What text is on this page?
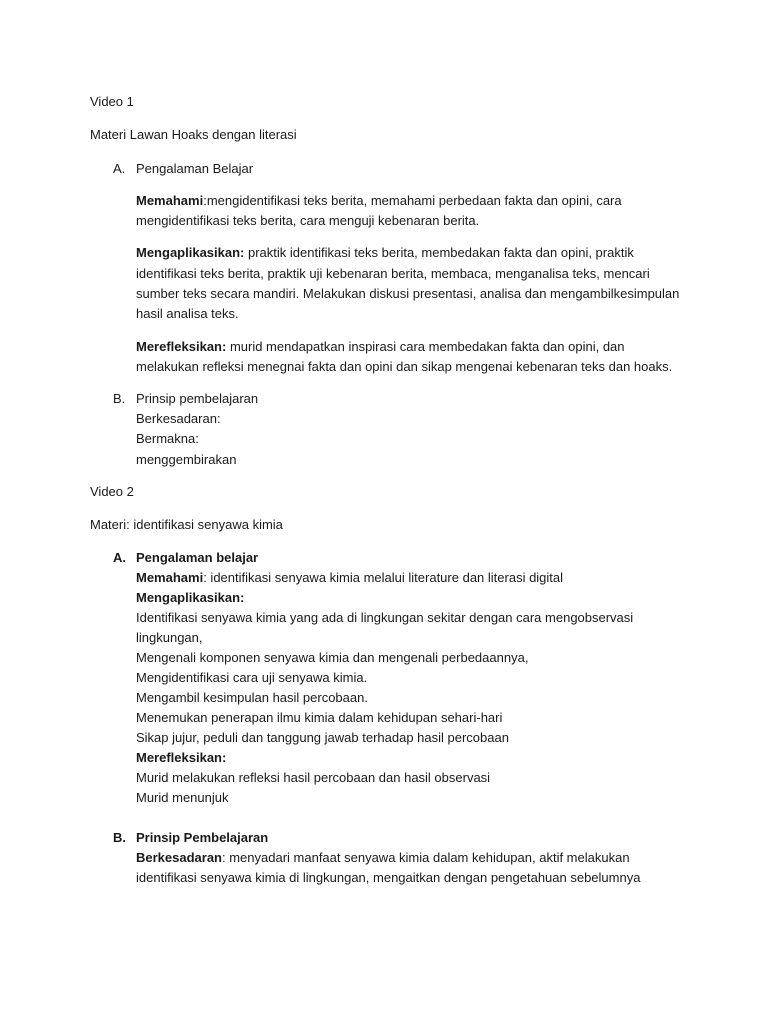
Video 1
Materi Lawan Hoaks dengan literasi
A. Pengalaman Belajar
Memahami:mengidentifikasi teks berita, memahami perbedaan fakta dan opini, cara
mengidentifikasi teks berita, cara menguji kebenaran berita.
Mengaplikasikan: praktik identifikasi teks berita, membedakan fakta dan opini, praktik
identifikasi teks berita, praktik uji kebenaran berita, membaca, menganalisa teks, mencari
sumber teks secara mandiri. Melakukan diskusi presentasi, analisa dan mengambilkesimpulan
hasil analisa teks.
Merefleksikan: murid mendapatkan inspirasi cara membedakan fakta dan opini, dan
melakukan refleksi menegnai fakta dan opini dan sikap mengenai kebenaran teks dan hoaks.
B. Prinsip pembelajaran
Berkesadaran:
Bermakna:
menggembirakan
Video 2
Materi: identifikasi senyawa kimia
A. Pengalaman belajar
Memahami: identifikasi senyawa kimia melalui literature dan literasi digital
Mengaplikasikan:
Identifikasi senyawa kimia yang ada di lingkungan sekitar dengan cara mengobservasi
lingkungan,
Mengenali komponen senyawa kimia dan mengenali perbedaannya,
Mengidentifikasi cara uji senyawa kimia.
Mengambil kesimpulan hasil percobaan.
Menemukan penerapan ilmu kimia dalam kehidupan sehari-hari
Sikap jujur, peduli dan tanggung jawab terhadap hasil percobaan
Merefleksikan:
Murid melakukan refleksi hasil percobaan dan hasil observasi
Murid menunjuk
B. Prinsip Pembelajaran
Berkesadaran: menyadari manfaat senyawa kimia dalam kehidupan, aktif melakukan
identifikasi senyawa kimia di lingkungan, mengaitkan dengan pengetahuan sebelumnya
